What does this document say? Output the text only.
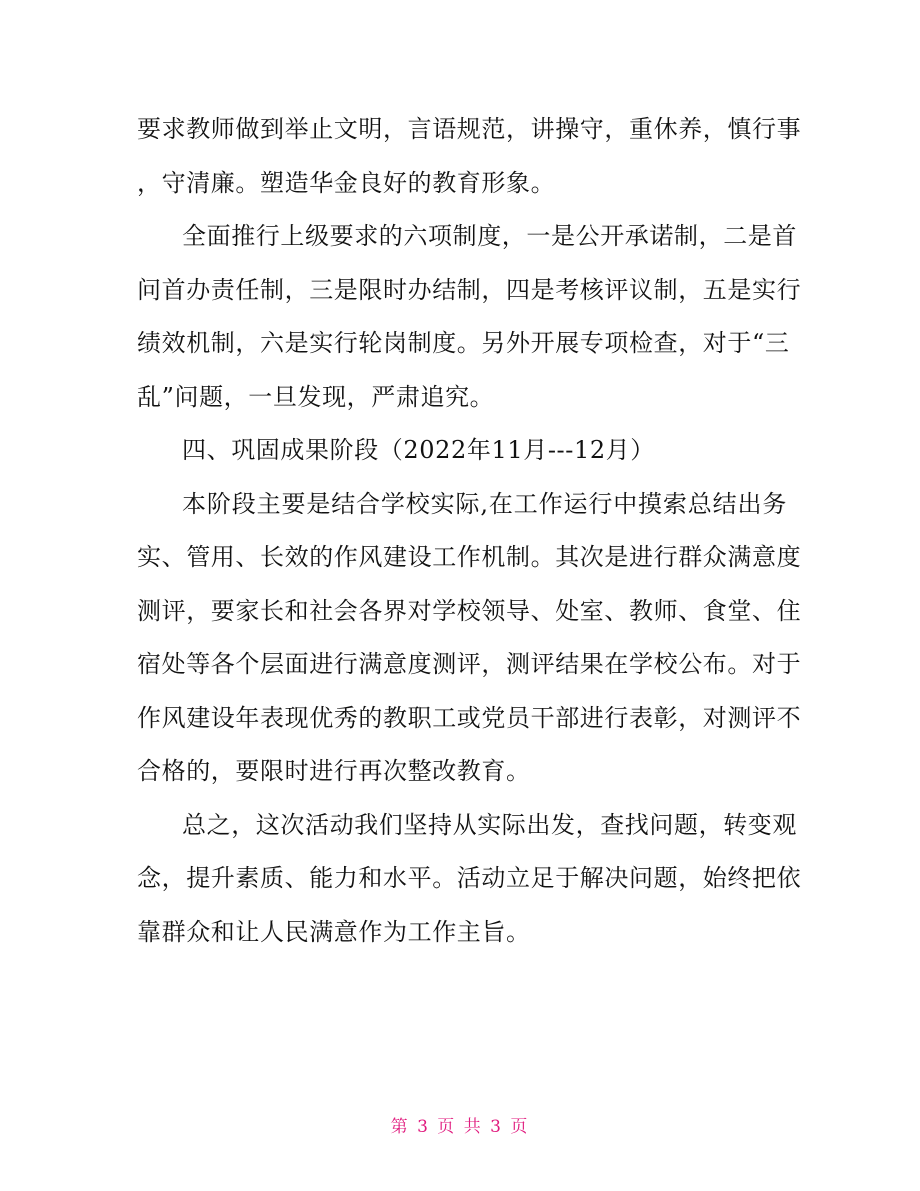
要求教师做到举止文明，言语规范，讲操守，重休养，慎行事
，守清廉。塑造华金良好的教育形象。
全面推行上级要求的六项制度，一是公开承诺制，二是首
问首办责任制，三是限时办结制，四是考核评议制，五是实行
绩效机制，六是实行轮岗制度。另外开展专项检查，对于“三
乱”问题，一旦发现，严肃追究。
四、巩固成果阶段（2022年11月---12月）
本阶段主要是结合学校实际,在工作运行中摸索总结出务
实、管用、长效的作风建设工作机制。其次是进行群众满意度
测评，要家长和社会各界对学校领导、处室、教师、食堂、住
宿处等各个层面进行满意度测评，测评结果在学校公布。对于
作风建设年表现优秀的教职工或党员干部进行表彰，对测评不
合格的，要限时进行再次整改教育。
总之，这次活动我们坚持从实际出发，查找问题，转变观
念，提升素质、能力和水平。活动立足于解决问题，始终把依
靠群众和让人民满意作为工作主旨。
第 3 页 共 3 页
